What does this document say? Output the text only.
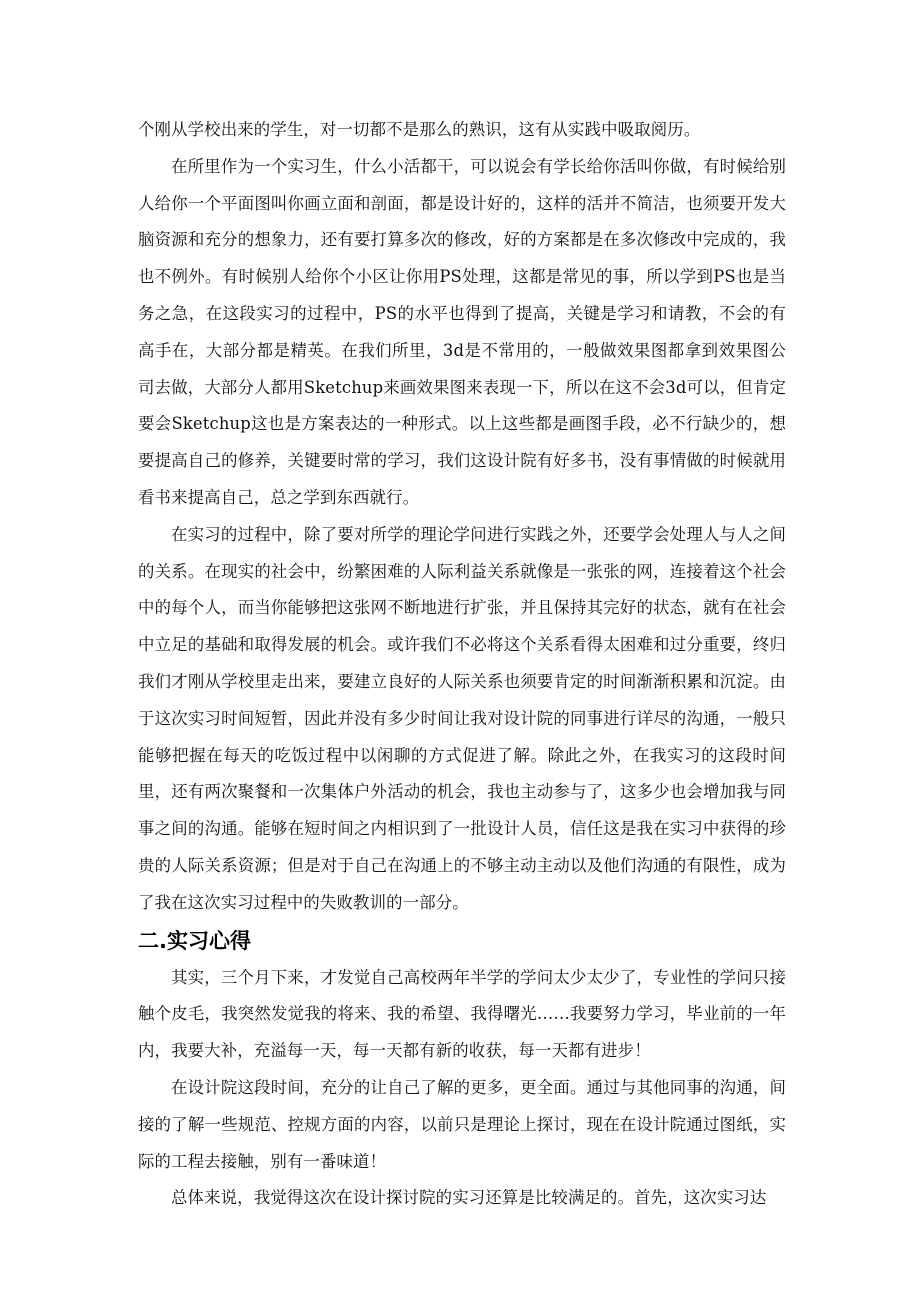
个刚从学校出来的学生，对一切都不是那么的熟识，这有从实践中吸取阅历。

在所里作为一个实习生，什么小活都干，可以说会有学长给你活叫你做，有时候给别人给你一个平面图叫你画立面和剖面，都是设计好的，这样的活并不简洁，也须要开发大脑资源和充分的想象力，还有要打算多次的修改，好的方案都是在多次修改中完成的，我也不例外。有时候别人给你个小区让你用PS处理，这都是常见的事，所以学到PS也是当务之急，在这段实习的过程中，PS的水平也得到了提高，关键是学习和请教，不会的有高手在，大部分都是精英。在我们所里，3d是不常用的，一般做效果图都拿到效果图公司去做，大部分人都用Sketchup来画效果图来表现一下，所以在这不会3d可以，但肯定要会Sketchup这也是方案表达的一种形式。以上这些都是画图手段，必不行缺少的，想要提高自己的修养，关键要时常的学习，我们这设计院有好多书，没有事情做的时候就用看书来提高自己，总之学到东西就行。

在实习的过程中，除了要对所学的理论学问进行实践之外，还要学会处理人与人之间的关系。在现实的社会中，纷繁困难的人际利益关系就像是一张张的网，连接着这个社会中的每个人，而当你能够把这张网不断地进行扩张，并且保持其完好的状态，就有在社会中立足的基础和取得发展的机会。或许我们不必将这个关系看得太困难和过分重要，终归我们才刚从学校里走出来，要建立良好的人际关系也须要肯定的时间渐渐积累和沉淀。由于这次实习时间短暂，因此并没有多少时间让我对设计院的同事进行详尽的沟通，一般只能够把握在每天的吃饭过程中以闲聊的方式促进了解。除此之外，在我实习的这段时间里，还有两次聚餐和一次集体户外活动的机会，我也主动参与了，这多少也会增加我与同事之间的沟通。能够在短时间之内相识到了一批设计人员，信任这是我在实习中获得的珍贵的人际关系资源；但是对于自己在沟通上的不够主动主动以及他们沟通的有限性，成为了我在这次实习过程中的失败教训的一部分。

二.实习心得

其实，三个月下来，才发觉自己高校两年半学的学问太少太少了，专业性的学问只接触个皮毛，我突然发觉我的将来、我的希望、我得曙光……我要努力学习，毕业前的一年内，我要大补，充溢每一天，每一天都有新的收获，每一天都有进步！

在设计院这段时间，充分的让自己了解的更多，更全面。通过与其他同事的沟通，间接的了解一些规范、控规方面的内容，以前只是理论上探讨，现在在设计院通过图纸，实际的工程去接触，别有一番味道！

总体来说，我觉得这次在设计探讨院的实习还算是比较满足的。首先，这次实习达
